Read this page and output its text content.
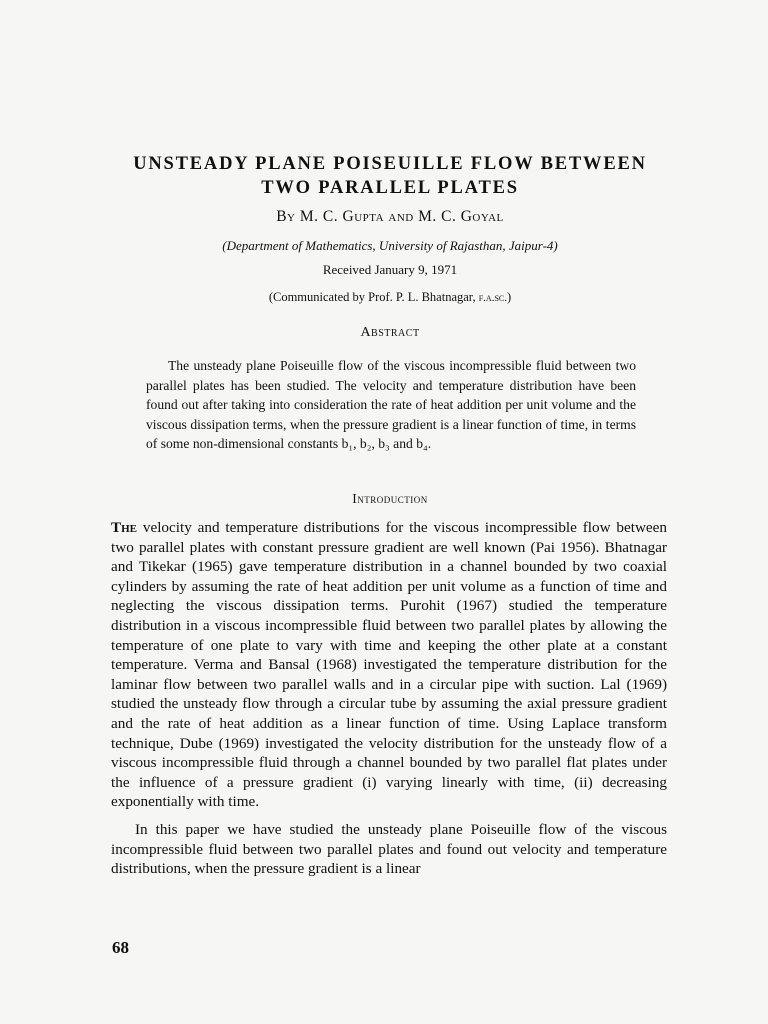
UNSTEADY PLANE POISEUILLE FLOW BETWEEN
TWO PARALLEL PLATES
By M. C. Gupta and M. C. Goyal
(Department of Mathematics, University of Rajasthan, Jaipur-4)
Received January 9, 1971
(Communicated by Prof. P. L. Bhatnagar, f.a.sc.)
Abstract

The unsteady plane Poiseuille flow of the viscous incompressible fluid between two parallel plates has been studied. The velocity and temperature distribution have been found out after taking into consideration the rate of heat addition per unit volume and the viscous dissipation terms, when the pressure gradient is a linear function of time, in terms of some non-dimensional constants b₁, b₂, b₃ and b₄.

Introduction

The velocity and temperature distributions for the viscous incompressible flow between two parallel plates with constant pressure gradient are well known (Pai 1956). Bhatnagar and Tikekar (1965) gave temperature distribution in a channel bounded by two coaxial cylinders by assuming the rate of heat addition per unit volume as a function of time and neglecting the viscous dissipation terms. Purohit (1967) studied the temperature distribution in a viscous incompressible fluid between two parallel plates by allowing the temperature of one plate to vary with time and keeping the other plate at a constant temperature. Verma and Bansal (1968) investigated the temperature distribution for the laminar flow between two parallel walls and in a circular pipe with suction. Lal (1969) studied the unsteady flow through a circular tube by assuming the axial pressure gradient and the rate of heat addition as a linear function of time. Using Laplace transform technique, Dube (1969) investigated the velocity distribution for the unsteady flow of a viscous incompressible fluid through a channel bounded by two parallel flat plates under the influence of a pressure gradient (i) varying linearly with time, (ii) decreasing exponentially with time.

In this paper we have studied the unsteady plane Poiseuille flow of the viscous incompressible fluid between two parallel plates and found out velocity and temperature distributions, when the pressure gradient is a linear

68
